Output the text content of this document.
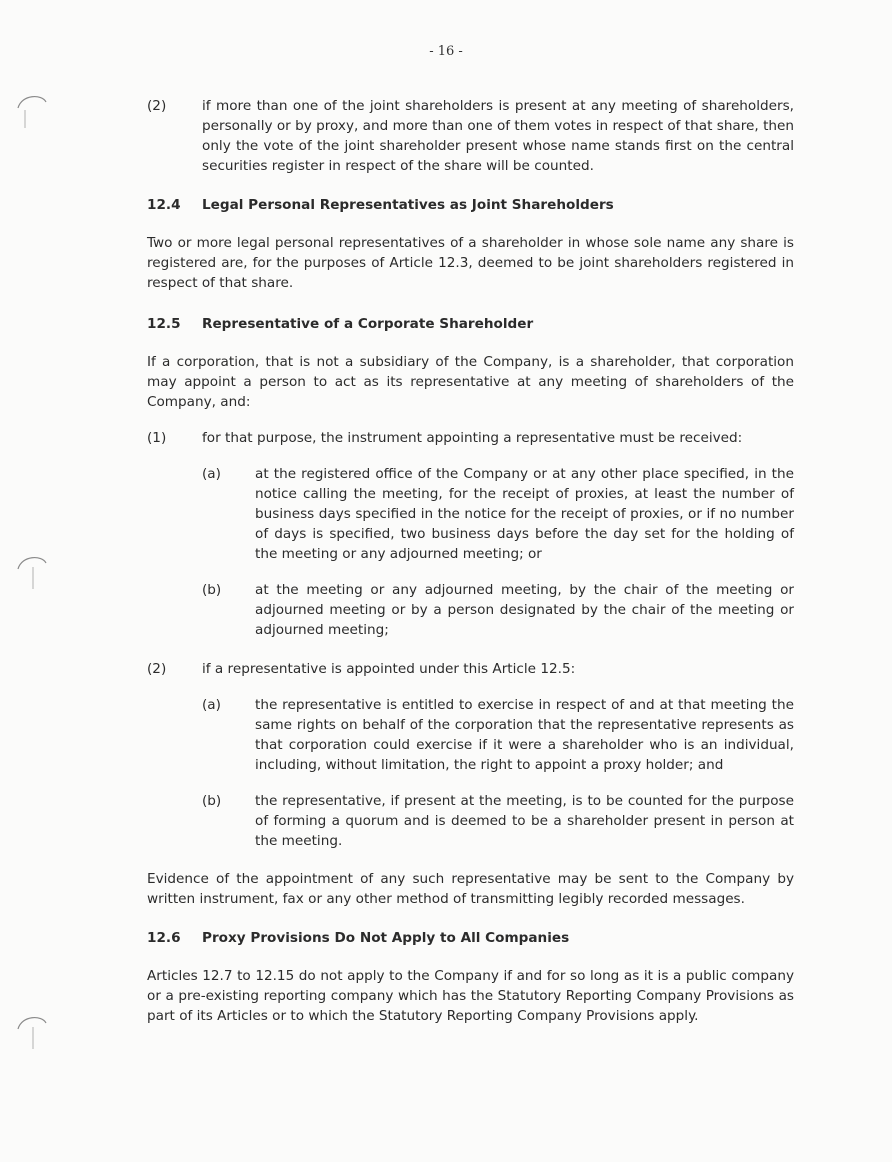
- 16 -
(2)	if more than one of the joint shareholders is present at any meeting of shareholders, personally or by proxy, and more than one of them votes in respect of that share, then only the vote of the joint shareholder present whose name stands first on the central securities register in respect of the share will be counted.
12.4	Legal Personal Representatives as Joint Shareholders
Two or more legal personal representatives of a shareholder in whose sole name any share is registered are, for the purposes of Article 12.3, deemed to be joint shareholders registered in respect of that share.
12.5	Representative of a Corporate Shareholder
If a corporation, that is not a subsidiary of the Company, is a shareholder, that corporation may appoint a person to act as its representative at any meeting of shareholders of the Company, and:
(1)	for that purpose, the instrument appointing a representative must be received:
(a)	at the registered office of the Company or at any other place specified, in the notice calling the meeting, for the receipt of proxies, at least the number of business days specified in the notice for the receipt of proxies, or if no number of days is specified, two business days before the day set for the holding of the meeting or any adjourned meeting; or
(b)	at the meeting or any adjourned meeting, by the chair of the meeting or adjourned meeting or by a person designated by the chair of the meeting or adjourned meeting;
(2)	if a representative is appointed under this Article 12.5:
(a)	the representative is entitled to exercise in respect of and at that meeting the same rights on behalf of the corporation that the representative represents as that corporation could exercise if it were a shareholder who is an individual, including, without limitation, the right to appoint a proxy holder; and
(b)	the representative, if present at the meeting, is to be counted for the purpose of forming a quorum and is deemed to be a shareholder present in person at the meeting.
Evidence of the appointment of any such representative may be sent to the Company by written instrument, fax or any other method of transmitting legibly recorded messages.
12.6	Proxy Provisions Do Not Apply to All Companies
Articles 12.7 to 12.15 do not apply to the Company if and for so long as it is a public company or a pre-existing reporting company which has the Statutory Reporting Company Provisions as part of its Articles or to which the Statutory Reporting Company Provisions apply.
